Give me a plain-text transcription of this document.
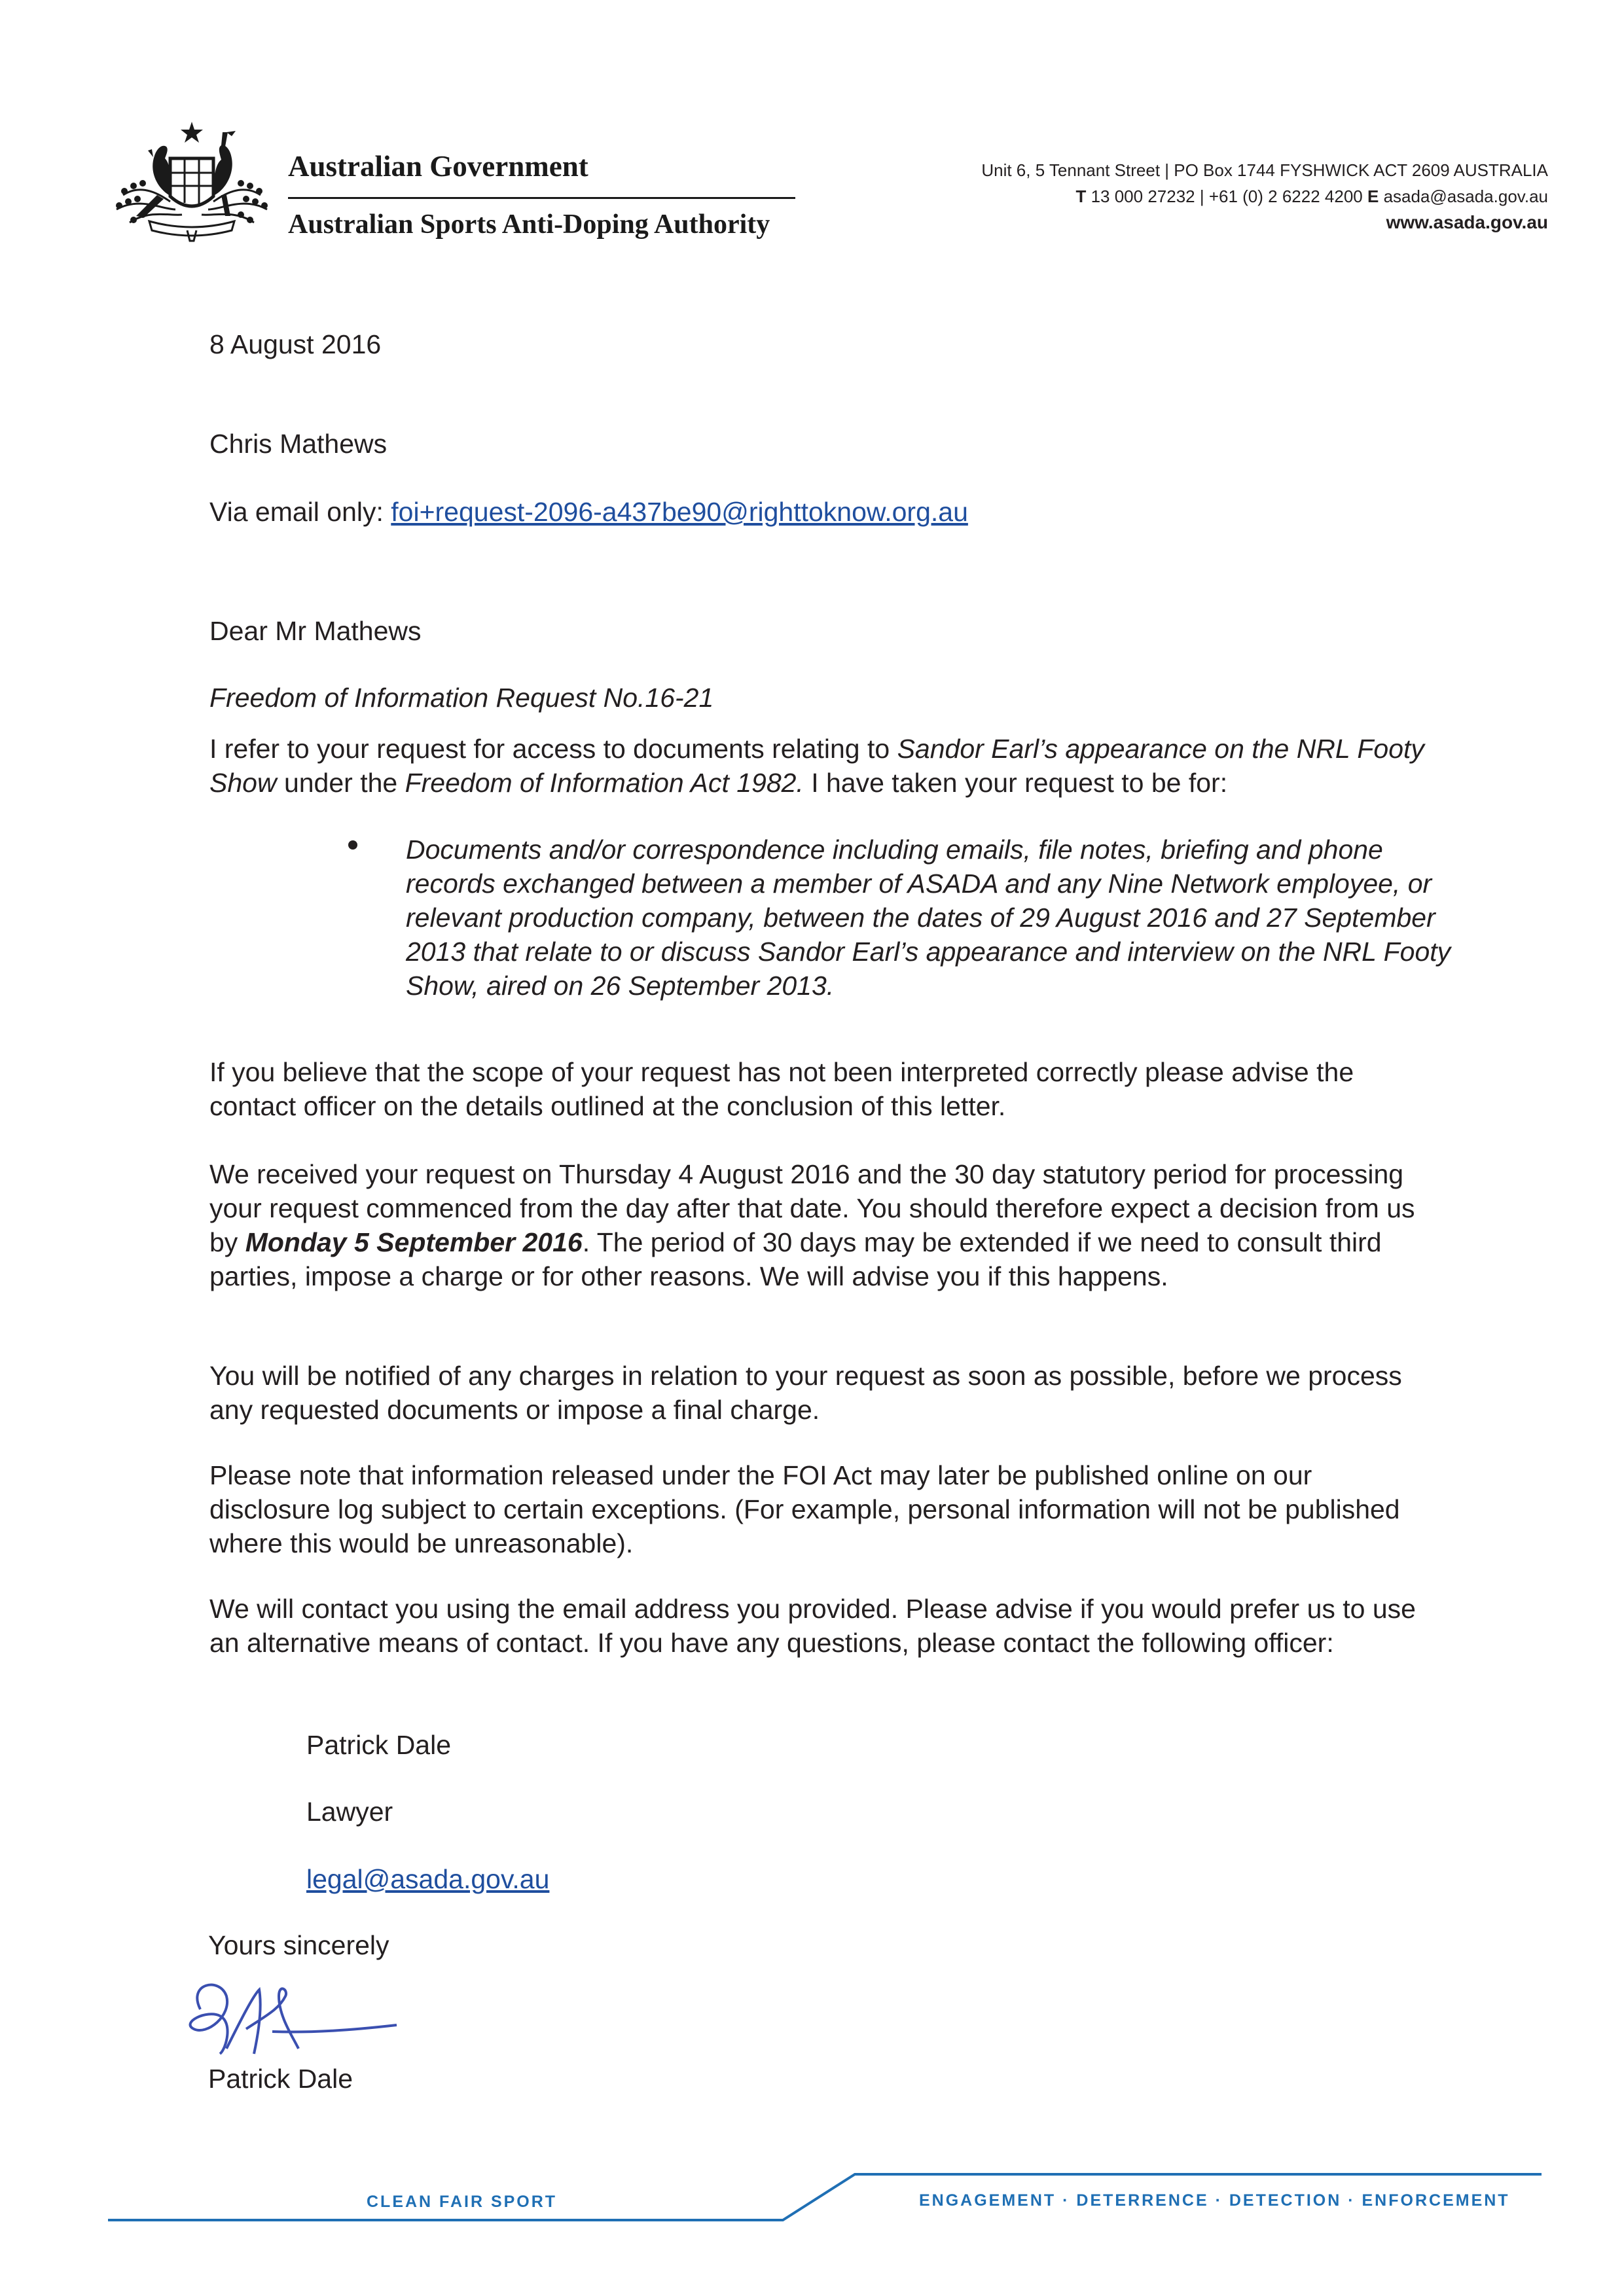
Australian Government
Australian Sports Anti-Doping Authority
Unit 6, 5 Tennant Street | PO Box 1744 FYSHWICK ACT 2609 AUSTRALIA
T 13 000 27232 | +61 (0) 2 6222 4200 E asada@asada.gov.au
www.asada.gov.au
8 August 2016
Chris Mathews
Via email only: foi+request-2096-a437be90@righttoknow.org.au
Dear Mr Mathews
Freedom of Information Request No.16-21

I refer to your request for access to documents relating to Sandor Earl’s appearance on the NRL Footy Show under the Freedom of Information Act 1982. I have taken your request to be for:

Documents and/or correspondence including emails, file notes, briefing and phone records exchanged between a member of ASADA and any Nine Network employee, or relevant production company, between the dates of 29 August 2016 and 27 September 2013 that relate to or discuss Sandor Earl’s appearance and interview on the NRL Footy Show, aired on 26 September 2013.
If you believe that the scope of your request has not been interpreted correctly please advise the contact officer on the details outlined at the conclusion of this letter.

We received your request on Thursday 4 August 2016 and the 30 day statutory period for processing your request commenced from the day after that date. You should therefore expect a decision from us by Monday 5 September 2016. The period of 30 days may be extended if we need to consult third parties, impose a charge or for other reasons. We will advise you if this happens.

You will be notified of any charges in relation to your request as soon as possible, before we process any requested documents or impose a final charge.
Please note that information released under the FOI Act may later be published online on our disclosure log subject to certain exceptions. (For example, personal information will not be published where this would be unreasonable).
We will contact you using the email address you provided. Please advise if you would prefer us to use an alternative means of contact. If you have any questions, please contact the following officer:
Patrick Dale
Lawyer
legal@asada.gov.au
Yours sincerely
Patrick Dale
CLEAN FAIR SPORT	ENGAGEMENT · DETERRENCE · DETECTION · ENFORCEMENT
